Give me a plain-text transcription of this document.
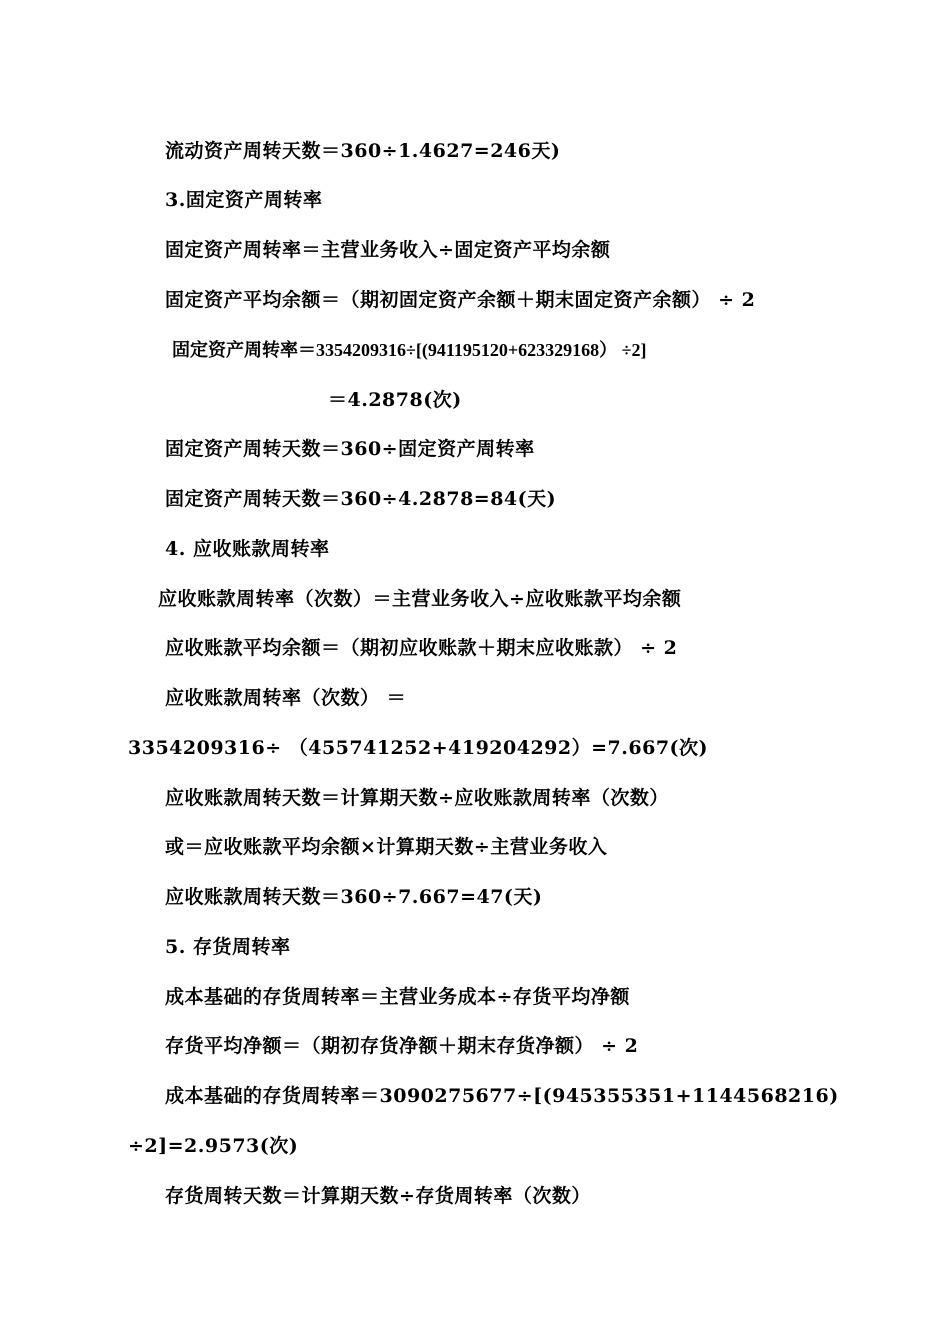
流动资产周转天数＝360÷1.4627=246天)
3.固定资产周转率
固定资产周转率＝主营业务收入÷固定资产平均余额
固定资产平均余额＝（期初固定资产余额＋期末固定资产余额） ÷ 2
固定资产周转率＝3354209316÷[(941195120+623329168） ÷2]
＝4.2878(次)
固定资产周转天数＝360÷固定资产周转率
固定资产周转天数＝360÷4.2878=84(天)
4. 应收账款周转率
应收账款周转率（次数）＝主营业务收入÷应收账款平均余额
应收账款平均余额＝（期初应收账款＋期末应收账款） ÷ 2
应收账款周转率（次数） ＝
3354209316÷ （455741252+419204292）=7.667(次)
应收账款周转天数＝计算期天数÷应收账款周转率（次数）
或＝应收账款平均余额×计算期天数÷主营业务收入
应收账款周转天数＝360÷7.667=47(天)
5. 存货周转率
成本基础的存货周转率＝主营业务成本÷存货平均净额
存货平均净额＝（期初存货净额＋期末存货净额） ÷ 2
成本基础的存货周转率＝3090275677÷[(945355351+1144568216)
÷2]=2.9573(次)
存货周转天数＝计算期天数÷存货周转率（次数）
